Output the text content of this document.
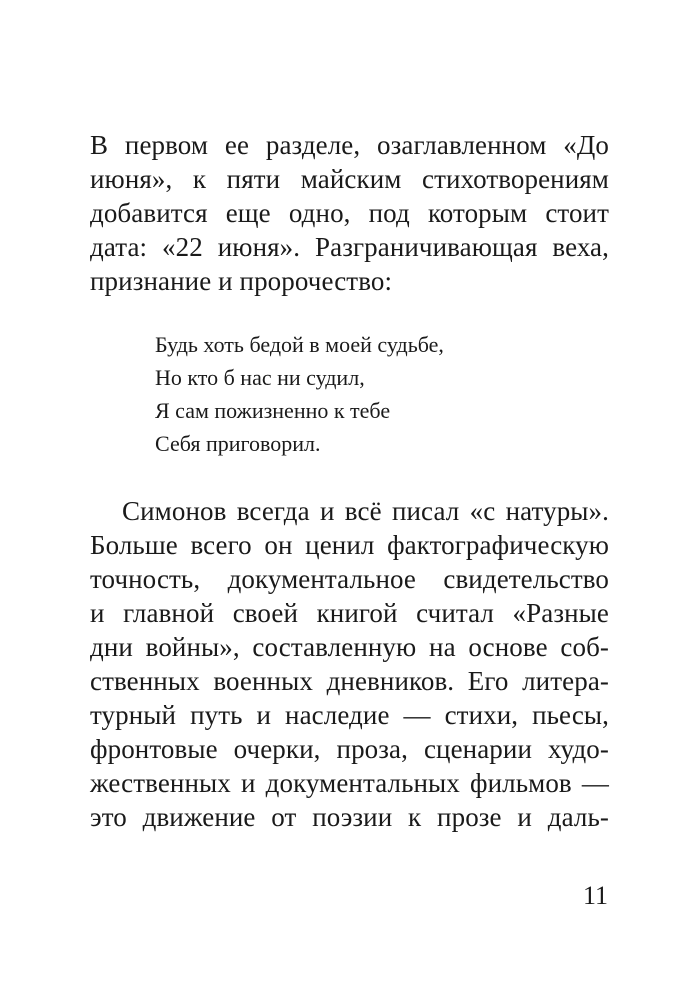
В первом ее разделе, озаглавленном «До
июня», к пяти майским стихотворениям
добавится еще одно, под которым стоит
дата: «22 июня». Разграничивающая веха,
признание и пророчество:
Будь хоть бедой в моей судьбе,
Но кто б нас ни судил,
Я сам пожизненно к тебе
Себя приговорил.
Симонов всегда и всё писал «с натуры».
Больше всего он ценил фактографическую
точность, документальное свидетельство
и главной своей книгой считал «Разные
дни войны», составленную на основе соб-
ственных военных дневников. Его литера-
турный путь и наследие — стихи, пьесы,
фронтовые очерки, проза, сценарии худо-
жественных и документальных фильмов —
это движение от поэзии к прозе и даль-
11
